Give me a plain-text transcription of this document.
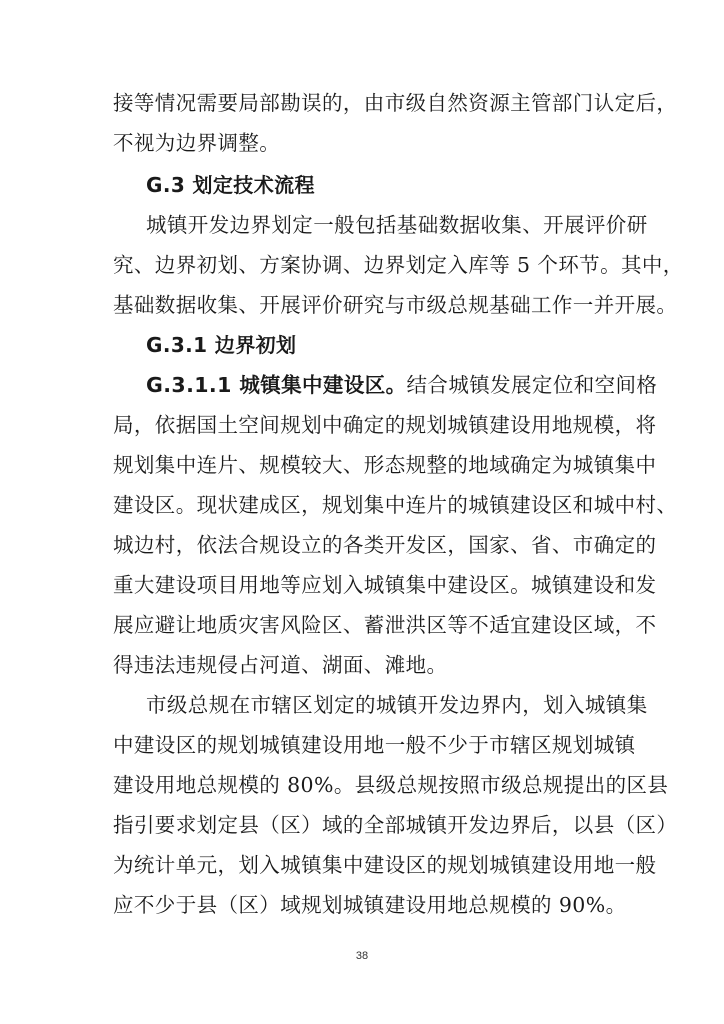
接等情况需要局部勘误的，由市级自然资源主管部门认定后，
不视为边界调整。
G.3 划定技术流程
城镇开发边界划定一般包括基础数据收集、开展评价研
究、边界初划、方案协调、边界划定入库等 5 个环节。其中，
基础数据收集、开展评价研究与市级总规基础工作一并开展。
G.3.1 边界初划
G.3.1.1 城镇集中建设区。结合城镇发展定位和空间格
局，依据国土空间规划中确定的规划城镇建设用地规模，将
规划集中连片、规模较大、形态规整的地域确定为城镇集中
建设区。现状建成区，规划集中连片的城镇建设区和城中村、
城边村，依法合规设立的各类开发区，国家、省、市确定的
重大建设项目用地等应划入城镇集中建设区。城镇建设和发
展应避让地质灾害风险区、蓄泄洪区等不适宜建设区域，不
得违法违规侵占河道、湖面、滩地。
市级总规在市辖区划定的城镇开发边界内，划入城镇集
中建设区的规划城镇建设用地一般不少于市辖区规划城镇
建设用地总规模的 80%。县级总规按照市级总规提出的区县
指引要求划定县（区）域的全部城镇开发边界后，以县（区）
为统计单元，划入城镇集中建设区的规划城镇建设用地一般
应不少于县（区）域规划城镇建设用地总规模的 90%。
38
